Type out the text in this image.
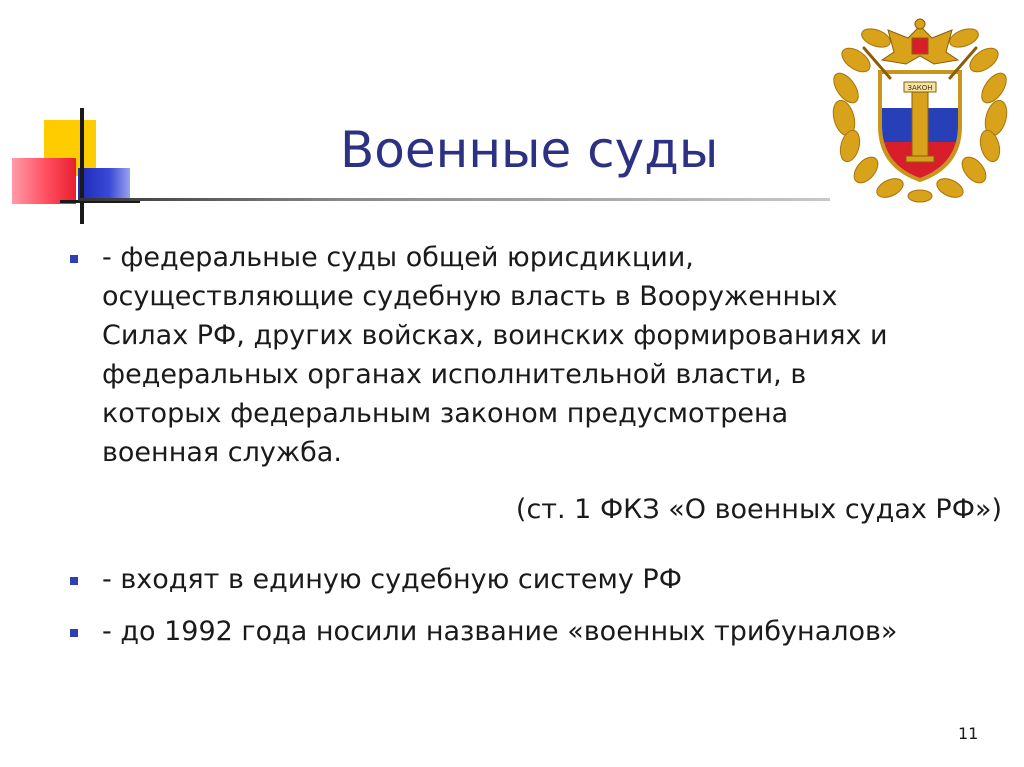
Военные суды
ЗАКОН
- федеральные суды общей юрисдикции,
осуществляющие судебную власть в Вооруженных
Силах РФ, других войсках, воинских формированиях и
федеральных органах исполнительной власти, в
которых федеральным законом предусмотрена
военная служба.
(ст. 1 ФКЗ «О военных судах РФ»)
- входят в единую судебную систему РФ
- до 1992 года носили название «военных трибуналов»
11
